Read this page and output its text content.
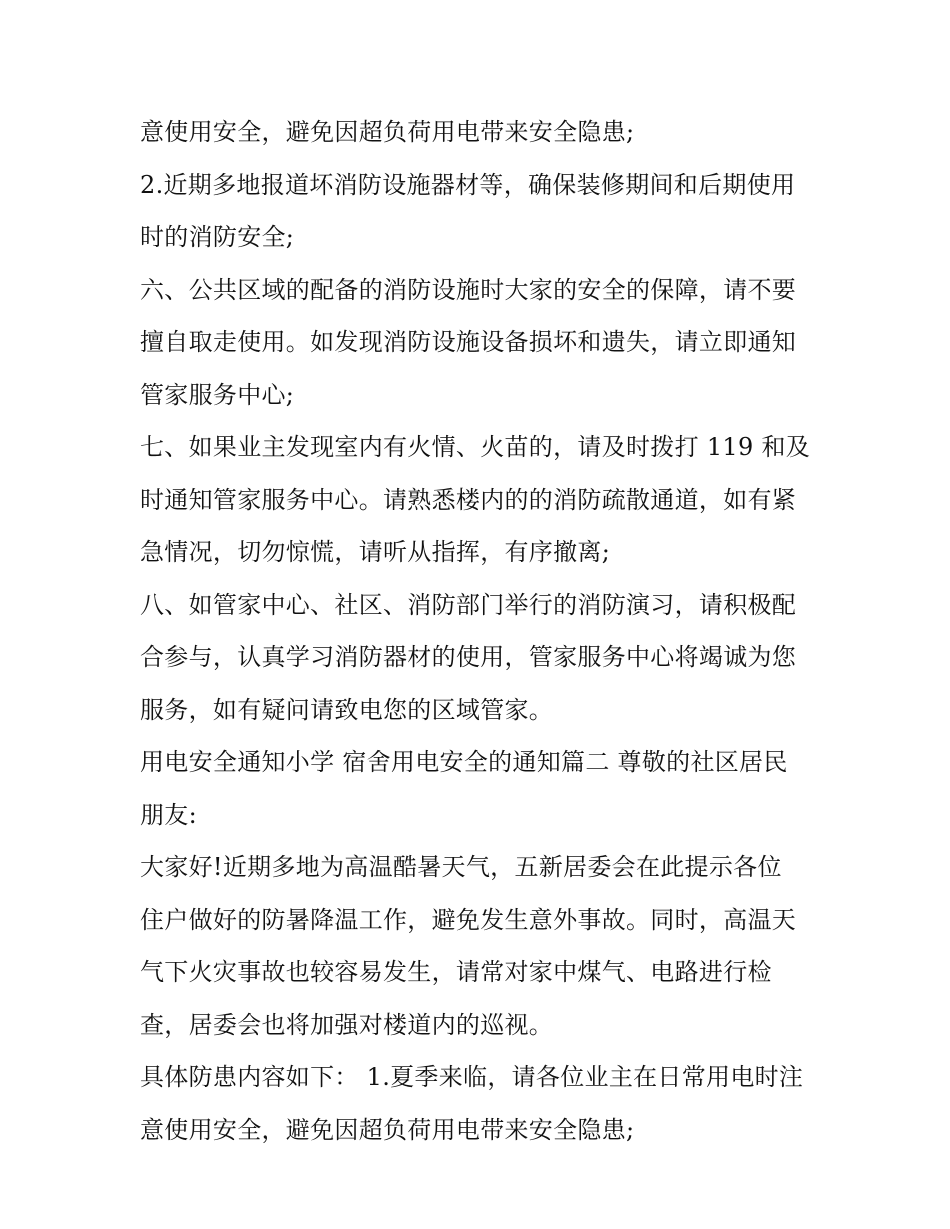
意使用安全，避免因超负荷用电带来安全隐患;
2.近期多地报道坏消防设施器材等，确保装修期间和后期使用
时的消防安全;
六、公共区域的配备的消防设施时大家的安全的保障，请不要
擅自取走使用。如发现消防设施设备损坏和遗失，请立即通知
管家服务中心;
七、如果业主发现室内有火情、火苗的，请及时拨打 119 和及
时通知管家服务中心。请熟悉楼内的的消防疏散通道，如有紧
急情况，切勿惊慌，请听从指挥，有序撤离;
八、如管家中心、社区、消防部门举行的消防演习，请积极配
合参与，认真学习消防器材的使用，管家服务中心将竭诚为您
服务，如有疑问请致电您的区域管家。
用电安全通知小学 宿舍用电安全的通知篇二 尊敬的社区居民
朋友:
大家好!近期多地为高温酷暑天气，五新居委会在此提示各位
住户做好的防暑降温工作，避免发生意外事故。同时，高温天
气下火灾事故也较容易发生，请常对家中煤气、电路进行检
查，居委会也将加强对楼道内的巡视。
具体防患内容如下： 1.夏季来临，请各位业主在日常用电时注
意使用安全，避免因超负荷用电带来安全隐患;
